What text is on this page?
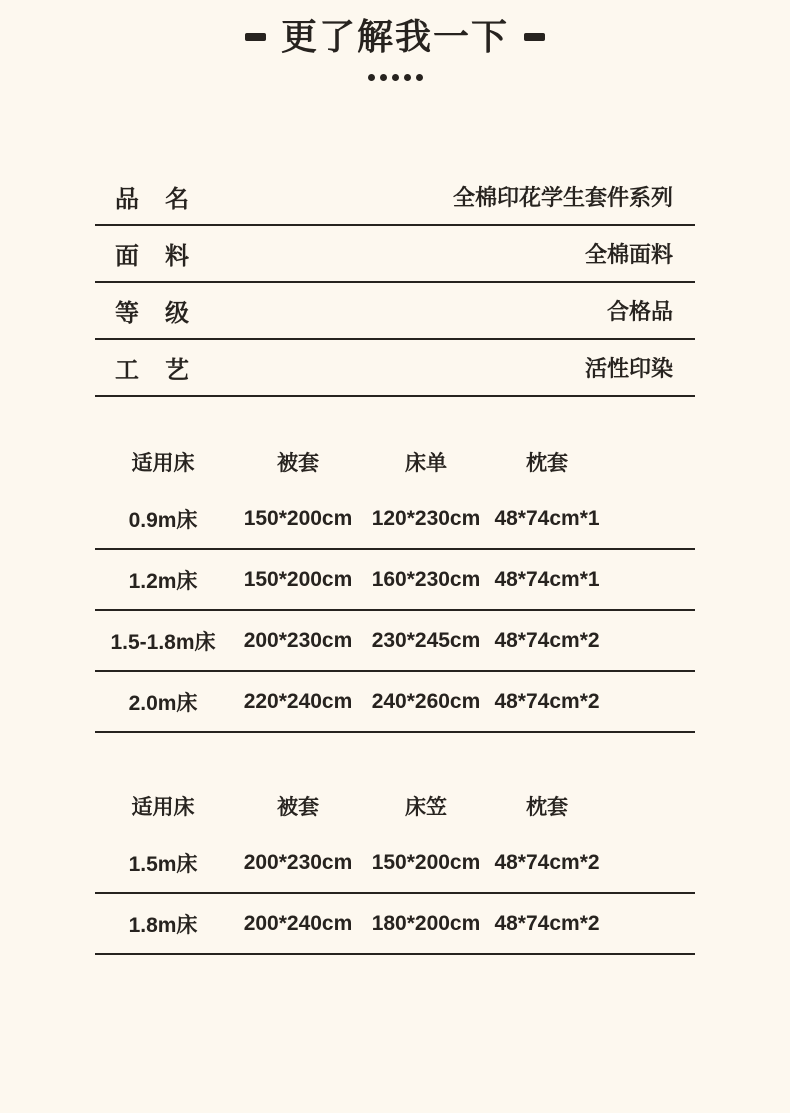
更了解我一下
品　名	全棉印花学生套件系列
面　料	全棉面料
等　级	合格品
工　艺	活性印染
适用床	被套	床单	枕套
0.9m床	150*200cm 120*230cm 48*74cm*1
1.2m床	150*200cm 160*230cm 48*74cm*1
1.5-1.8m床	200*230cm 230*245cm 48*74cm*2
2.0m床	220*240cm 240*260cm 48*74cm*2
适用床	被套	床笠	枕套
1.5m床	200*230cm 150*200cm 48*74cm*2
1.8m床	200*240cm 180*200cm 48*74cm*2
